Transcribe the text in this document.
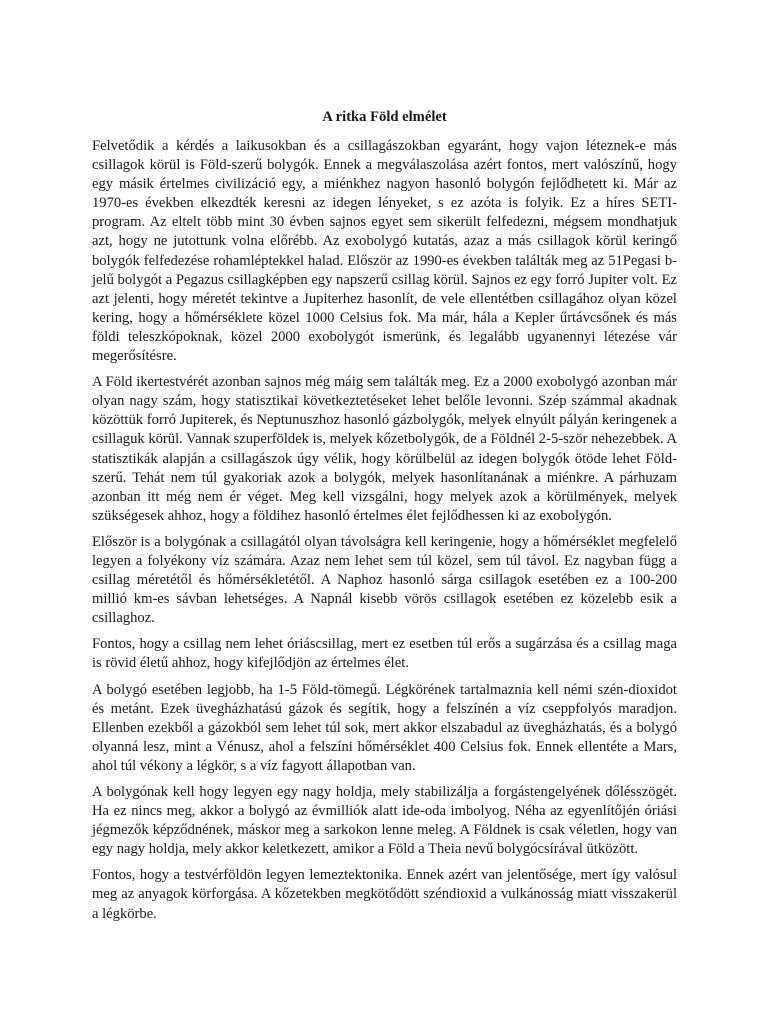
A ritka Föld elmélet

Felvetődik a kérdés a laikusokban és a csillagászokban egyaránt, hogy vajon léteznek-e más csillagok körül is Föld-szerű bolygók. Ennek a megválaszolása azért fontos, mert valószínű, hogy egy másik értelmes civilizáció egy, a miénkhez nagyon hasonló bolygón fejlődhetett ki. Már az 1970-es években elkezdték keresni az idegen lényeket, s ez azóta is folyik. Ez a híres SETI-program. Az eltelt több mint 30 évben sajnos egyet sem sikerült felfedezni, mégsem mondhatjuk azt, hogy ne jutottunk volna előrébb. Az exobolygó kutatás, azaz a más csillagok körül keringő bolygók felfedezése rohamléptekkel halad. Először az 1990-es években találták meg az 51Pegasi b-jelű bolygót a Pegazus csillagképben egy napszerű csillag körül. Sajnos ez egy forró Jupiter volt. Ez azt jelenti, hogy méretét tekintve a Jupiterhez hasonlít, de vele ellentétben csillagához olyan közel kering, hogy a hőmérséklete közel 1000 Celsius fok. Ma már, hála a Kepler űrtávcsőnek és más földi teleszkópoknak, közel 2000 exobolygót ismerünk, és legalább ugyanennyi létezése vár megerősítésre.

A Föld ikertestvérét azonban sajnos még máig sem találták meg. Ez a 2000 exobolygó azonban már olyan nagy szám, hogy statisztikai következtetéseket lehet belőle levonni. Szép számmal akadnak közöttük forró Jupiterek, és Neptunuszhoz hasonló gázbolygók, melyek elnyúlt pályán keringenek a csillaguk körül. Vannak szuperföldek is, melyek kőzetbolygók, de a Földnél 2-5-ször nehezebbek. A statisztikák alapján a csillagászok úgy vélik, hogy körülbelül az idegen bolygók ötöde lehet Föld-szerű. Tehát nem túl gyakoriak azok a bolygók, melyek hasonlítanának a miénkre. A párhuzam azonban itt még nem ér véget. Meg kell vizsgálni, hogy melyek azok a körülmények, melyek szükségesek ahhoz, hogy a földihez hasonló értelmes élet fejlődhessen ki az exobolygón.

Először is a bolygónak a csillagától olyan távolságra kell keringenie, hogy a hőmérséklet megfelelő legyen a folyékony víz számára. Azaz nem lehet sem túl közel, sem túl távol. Ez nagyban függ a csillag méretétől és hőmérsékletétől. A Naphoz hasonló sárga csillagok esetében ez a 100-200 millió km-es sávban lehetséges. A Napnál kisebb vörös csillagok esetében ez közelebb esik a csillaghoz.

Fontos, hogy a csillag nem lehet óriáscsillag, mert ez esetben túl erős a sugárzása és a csillag maga is rövid életű ahhoz, hogy kifejlődjön az értelmes élet.

A bolygó esetében legjobb, ha 1-5 Föld-tömegű. Légkörének tartalmaznia kell némi szén-dioxidot és metánt. Ezek üvegházhatású gázok és segítik, hogy a felszínén a víz cseppfolyós maradjon. Ellenben ezekből a gázokból sem lehet túl sok, mert akkor elszabadul az üvegházhatás, és a bolygó olyanná lesz, mint a Vénusz, ahol a felszíni hőmérséklet 400 Celsius fok. Ennek ellentéte a Mars, ahol túl vékony a légkör, s a víz fagyott állapotban van.

A bolygónak kell hogy legyen egy nagy holdja, mely stabilizálja a forgástengelyének dőlésszögét. Ha ez nincs meg, akkor a bolygó az évmilliók alatt ide-oda imbolyog. Néha az egyenlítőjén óriási jégmezők képződnének, máskor meg a sarkokon lenne meleg. A Földnek is csak véletlen, hogy van egy nagy holdja, mely akkor keletkezett, amikor a Föld a Theia nevű bolygócsírával ütközött.

Fontos, hogy a testvérföldön legyen lemeztektonika. Ennek azért van jelentősége, mert így valósul meg az anyagok körforgása. A kőzetekben megkötődött széndioxid a vulkánosság miatt visszakerül a légkörbe.
